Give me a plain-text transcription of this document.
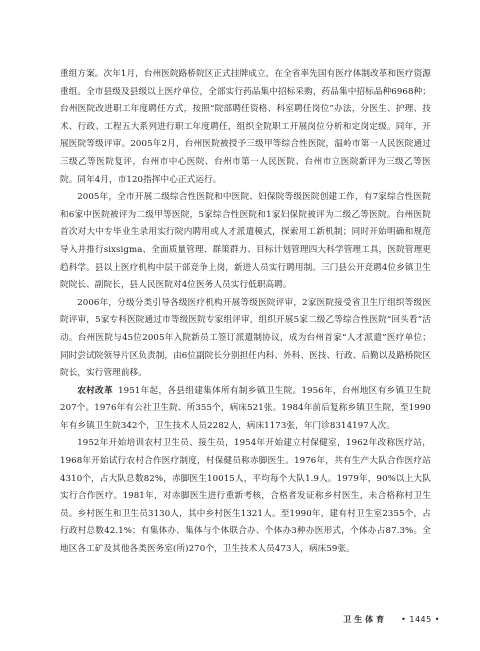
重组方案。次年1月，台州医院路桥院区正式挂牌成立，在全省率先国有医疗体制改革和医疗资源重组。全市县级及县级以上医疗单位，全部实行药品集中招标采购，药品集中招标品种6968种；台州医院改进职工年度聘任方式，按照“院部聘任资格、科室聘任岗位”办法，分医生、护理、技术、行政、工程五大系列进行职工年度聘任，组织全院职工开展岗位分析和定岗定级。同年，开展医院等级评审。2005年2月，台州医院被授予三级甲等综合性医院，温岭市第一人民医院通过三级乙等医院复评，台州市中心医院、台州市第一人民医院、台州市立医院新评为三级乙等医院。同年4月，市120指挥中心正式运行。

2005年，全市开展二级综合性医院和中医院、妇保院等级医院创建工作，有7家综合性医院和6家中医院被评为二级甲等医院，5家综合性医院和1家妇保院被评为二级乙等医院。台州医院首次对大中专毕业生录用实行院内聘用或人才派遣模式，探索用工新机制；同时开始明确和规范导入并推行sixsigma、全面质量管理、群策群力、目标计划管理四大科学管理工具，医院管理更趋科学。县以上医疗机构中层干部竞争上岗，新进人员实行聘用制。三门县公开竞聘4位乡镇卫生院院长、副院长，县人民医院对4位医务人员实行低职高聘。

2006年，分级分类引导各级医疗机构开展等级医院评审，2家医院接受省卫生厅组织等级医院评审，5家专科医院通过市等级医院专家组评审，组织开展5家二级乙等综合性医院“回头看”活动。台州医院与45位2005年入院新员工签订派遣制协议，成为台州首家“人才派遣”医疗单位；同时尝试院领导片区负责制，由6位副院长分别担任内科、外科、医技、行政、后勤以及路桥院区院长，实行管理前移。

农村改革 1951年起，各县组建集体所有制乡镇卫生院。1956年，台州地区有乡镇卫生院207个。1976年有公社卫生院、所355个，病床521张。1984年前后复称乡镇卫生院，至1990年有乡镇卫生院342个，卫生技术人员2282人，病床1173张，年门诊8314197人次。

1952年开始培训农村卫生员、接生员，1954年开始建立村保健室，1962年改称医疗站，1968年开始试行农村合作医疗制度，村保健员称赤脚医生。1976年，共有生产大队合作医疗站4310个，占大队总数82%，赤脚医生10015人，平均每个大队1.9人。1979年，90%以上大队实行合作医疗。1981年，对赤脚医生进行重新考核，合格者发证称乡村医生，未合格称村卫生员。乡村医生和卫生员3130人，其中乡村医生1321人。至1990年，建有村卫生室2355个，占行政村总数42.1%；有集体办、集体与个体联合办、个体办3种办医形式，个体办占87.3%。全地区各工矿及其他各类医务室(所)270个，卫生技术人员473人，病床59张。

卫生体育 • 1445 •
